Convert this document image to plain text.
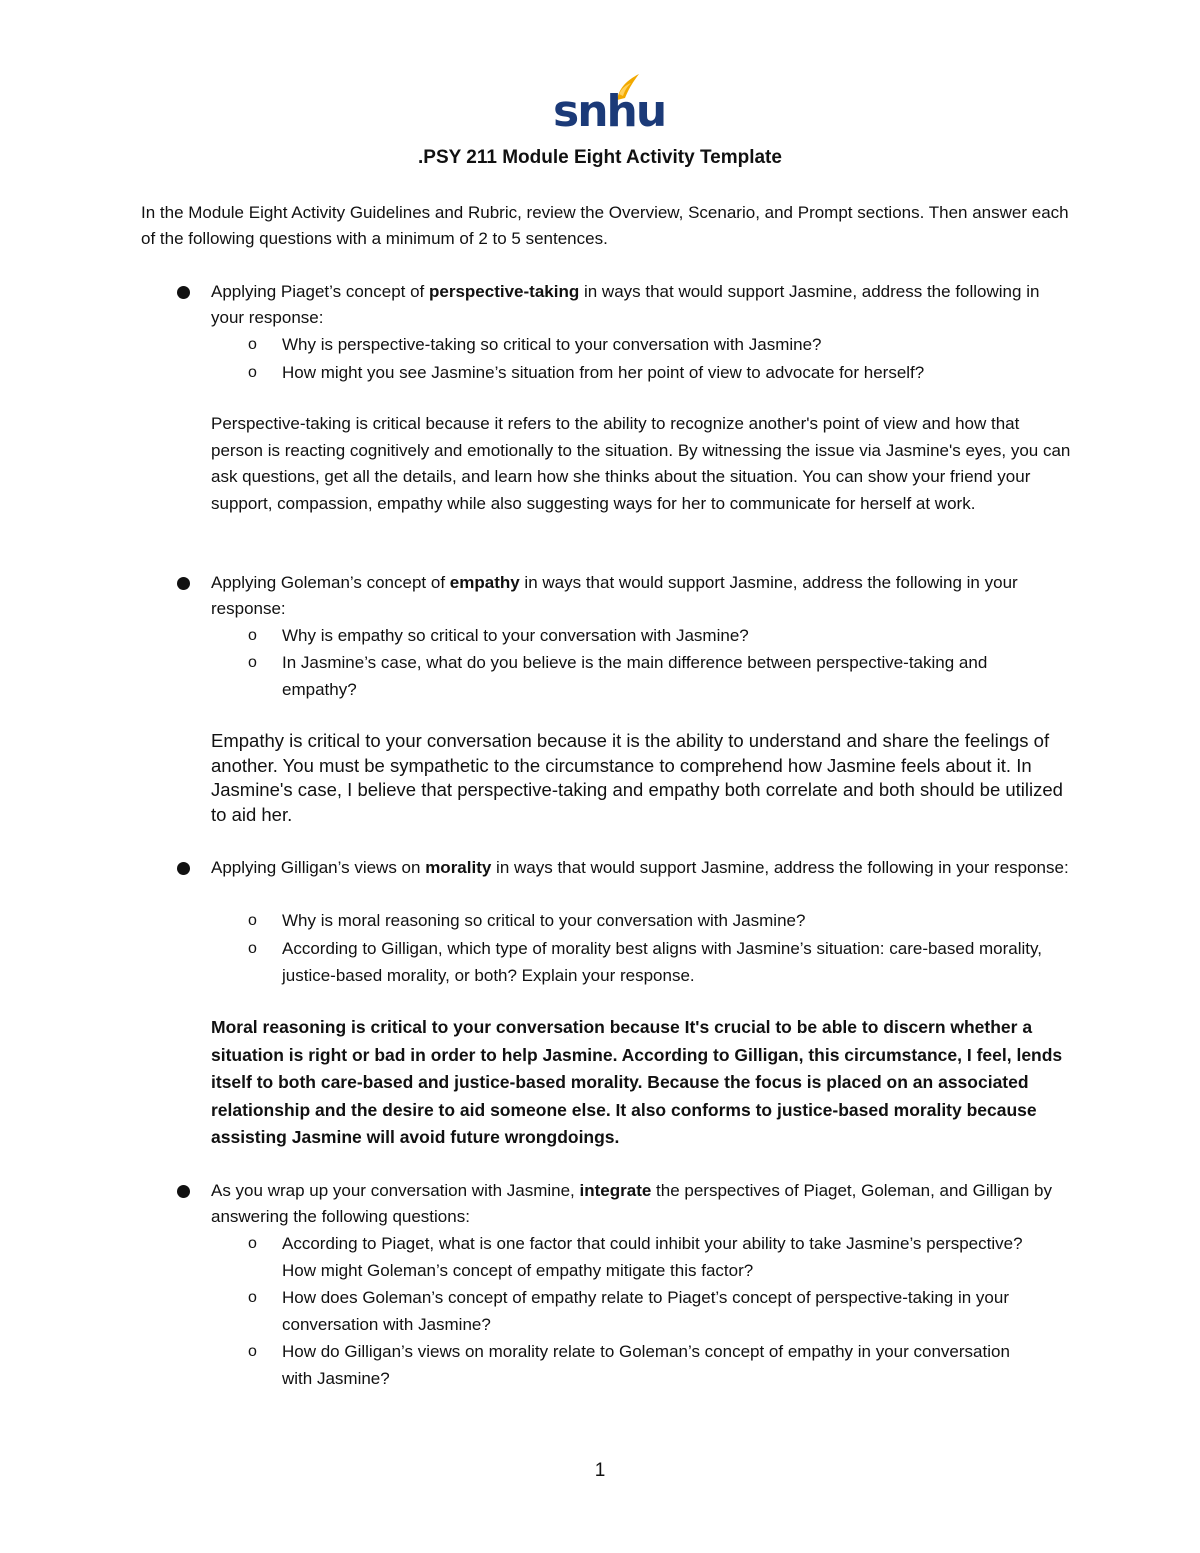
snhu
.PSY 211 Module Eight Activity Template

In the Module Eight Activity Guidelines and Rubric, review the Overview, Scenario, and Prompt sections. Then answer each of the following questions with a minimum of 2 to 5 sentences.

Applying Piaget’s concept of perspective-taking in ways that would support Jasmine, address the following in your response:
o Why is perspective-taking so critical to your conversation with Jasmine?
o How might you see Jasmine’s situation from her point of view to advocate for herself?
Perspective-taking is critical because it refers to the ability to recognize another's point of view and how that person is reacting cognitively and emotionally to the situation. By witnessing the issue via Jasmine's eyes, you can ask questions, get all the details, and learn how she thinks about the situation. You can show your friend your support, compassion, empathy while also suggesting ways for her to communicate for herself at work.
Applying Goleman’s concept of empathy in ways that would support Jasmine, address the following in your response:
o Why is empathy so critical to your conversation with Jasmine?
o In Jasmine’s case, what do you believe is the main difference between perspective-taking and empathy?
Empathy is critical to your conversation because it is the ability to understand and share the feelings of another. You must be sympathetic to the circumstance to comprehend how Jasmine feels about it. In Jasmine's case, I believe that perspective-taking and empathy both correlate and both should be utilized to aid her.
Applying Gilligan’s views on morality in ways that would support Jasmine, address the following in your response:
o Why is moral reasoning so critical to your conversation with Jasmine?
o According to Gilligan, which type of morality best aligns with Jasmine’s situation: care-based morality, justice-based morality, or both? Explain your response.
Moral reasoning is critical to your conversation because It's crucial to be able to discern whether a situation is right or bad in order to help Jasmine. According to Gilligan, this circumstance, I feel, lends itself to both care-based and justice-based morality. Because the focus is placed on an associated relationship and the desire to aid someone else. It also conforms to justice-based morality because assisting Jasmine will avoid future wrongdoings.
As you wrap up your conversation with Jasmine, integrate the perspectives of Piaget, Goleman, and Gilligan by answering the following questions:
o According to Piaget, what is one factor that could inhibit your ability to take Jasmine’s perspective? How might Goleman’s concept of empathy mitigate this factor?
o How does Goleman’s concept of empathy relate to Piaget’s concept of perspective-taking in your conversation with Jasmine?
o How do Gilligan’s views on morality relate to Goleman’s concept of empathy in your conversation with Jasmine?
1
